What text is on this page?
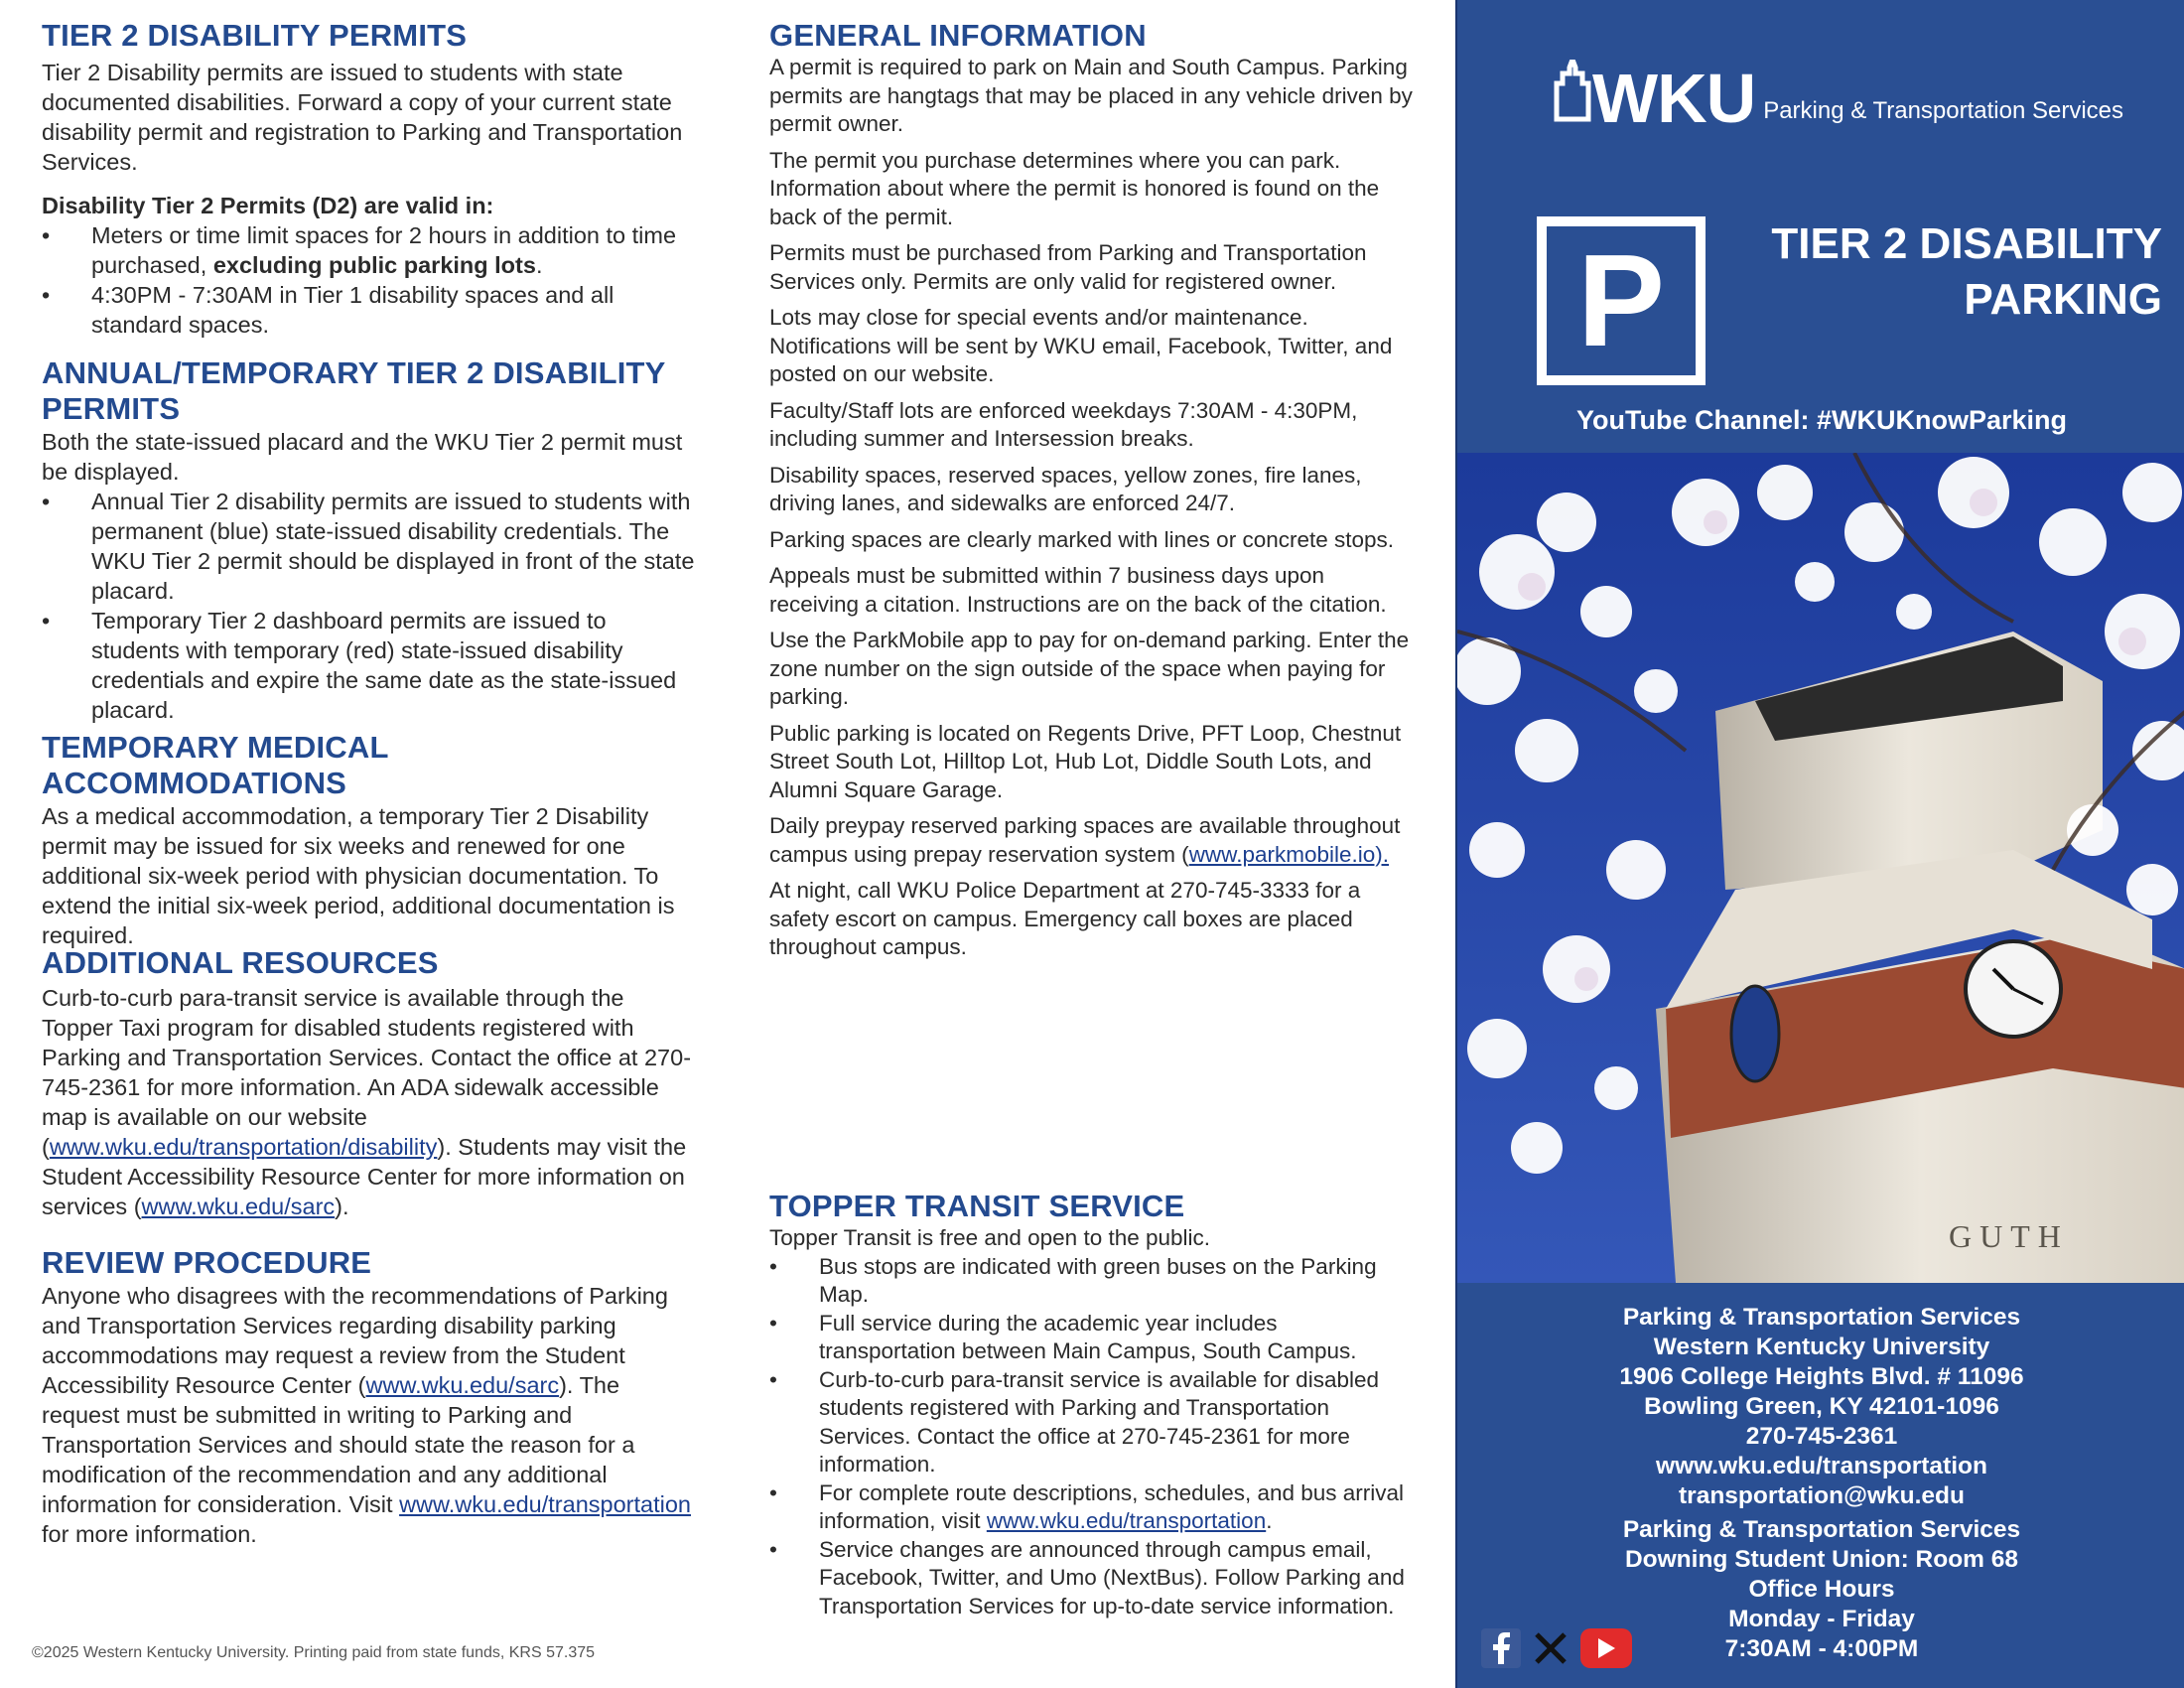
TIER 2 DISABILITY PERMITS

Tier 2 Disability permits are issued to students with state documented disabilities. Forward a copy of your current state disability permit and registration to Parking and Transportation Services.

Disability Tier 2 Permits (D2) are valid in:

• Meters or time limit spaces for 2 hours in addition to time purchased, excluding public parking lots.
• 4:30PM - 7:30AM in Tier 1 disability spaces and all standard spaces.
ANNUAL/TEMPORARY TIER 2 DISABILITY PERMITS

Both the state-issued placard and the WKU Tier 2 permit must be displayed.

• Annual Tier 2 disability permits are issued to students with permanent (blue) state-issued disability credentials. The WKU Tier 2 permit should be displayed in front of the state placard.
• Temporary Tier 2 dashboard permits are issued to students with temporary (red) state-issued disability credentials and expire the same date as the state-issued placard.
TEMPORARY MEDICAL ACCOMMODATIONS

As a medical accommodation, a temporary Tier 2 Disability permit may be issued for six weeks and renewed for one additional six-week period with physician documentation. To extend the initial six-week period, additional documentation is required.

ADDITIONAL RESOURCES

Curb-to-curb para-transit service is available through the Topper Taxi program for disabled students registered with Parking and Transportation Services. Contact the office at 270-745-2361 for more information. An ADA sidewalk accessible map is available on our website (www.wku.edu/transportation/disability). Students may visit the Student Accessibility Resource Center for more information on services (www.wku.edu/sarc).

REVIEW PROCEDURE

Anyone who disagrees with the recommendations of Parking and Transportation Services regarding disability parking accommodations may request a review from the Student Accessibility Resource Center (www.wku.edu/sarc). The request must be submitted in writing to Parking and Transportation Services and should state the reason for a modification of the recommendation and any additional information for consideration. Visit www.wku.edu/transportation for more information.

©2025 Western Kentucky University. Printing paid from state funds, KRS 57.375
GENERAL INFORMATION

A permit is required to park on Main and South Campus. Parking permits are hangtags that may be placed in any vehicle driven by permit owner.

The permit you purchase determines where you can park. Information about where the permit is honored is found on the back of the permit.

Permits must be purchased from Parking and Transportation Services only. Permits are only valid for registered owner.

Lots may close for special events and/or maintenance. Notifications will be sent by WKU email, Facebook, Twitter, and posted on our website.

Faculty/Staff lots are enforced weekdays 7:30AM - 4:30PM, including summer and Intersession breaks.

Disability spaces, reserved spaces, yellow zones, fire lanes, driving lanes, and sidewalks are enforced 24/7.

Parking spaces are clearly marked with lines or concrete stops.

Appeals must be submitted within 7 business days upon receiving a citation. Instructions are on the back of the citation.

Use the ParkMobile app to pay for on-demand parking. Enter the zone number on the sign outside of the space when paying for parking.

Public parking is located on Regents Drive, PFT Loop, Chestnut Street South Lot, Hilltop Lot, Hub Lot, Diddle South Lots, and Alumni Square Garage.

Daily preypay reserved parking spaces are available throughout campus using prepay reservation system (www.parkmobile.io).

At night, call WKU Police Department at 270-745-3333 for a safety escort on campus. Emergency call boxes are placed throughout campus.

TOPPER TRANSIT SERVICE

Topper Transit is free and open to the public.

• Bus stops are indicated with green buses on the Parking Map.
• Full service during the academic year includes transportation between Main Campus, South Campus.
• Curb-to-curb para-transit service is available for disabled students registered with Parking and Transportation Services. Contact the office at 270-745-2361 for more information.
• For complete route descriptions, schedules, and bus arrival information, visit www.wku.edu/transportation.
• Service changes are announced through campus email, Facebook, Twitter, and Umo (NextBus). Follow Parking and Transportation Services for up-to-date service information.
WKU Parking & Transportation Services
P	TIER 2 DISABILITY
PARKING
YouTube Channel: #WKUKnowParking
GUTH
Parking & Transportation Services
Western Kentucky University
1906 College Heights Blvd. # 11096
Bowling Green, KY 42101-1096
270-745-2361
www.wku.edu/transportation
transportation@wku.edu
Parking & Transportation Services
Downing Student Union: Room 68
Office Hours
Monday - Friday
7:30AM - 4:00PM
